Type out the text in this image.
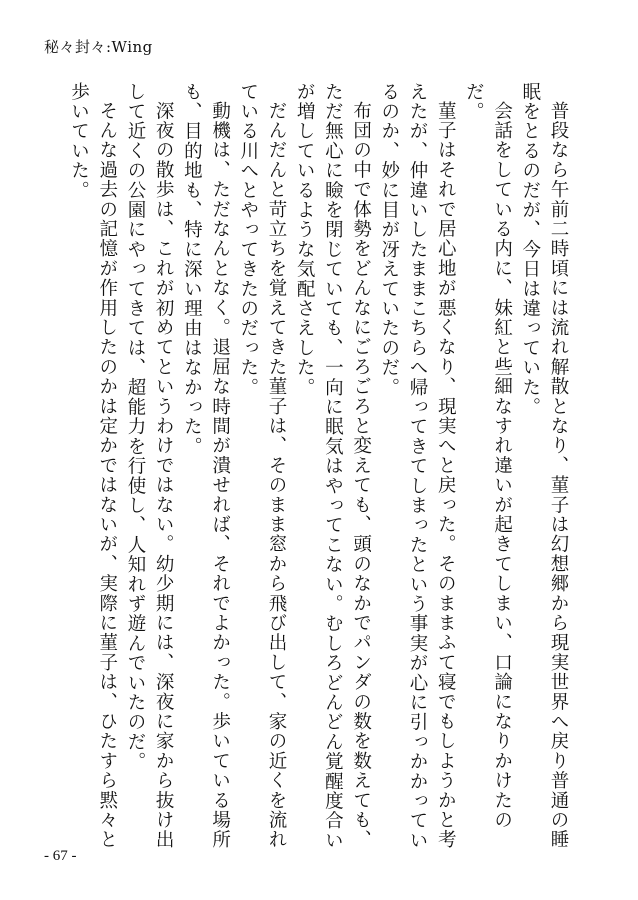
秘々封々:Wing

普段なら午前二時頃には流れ解散となり、菫子は幻想郷から現実世界へ戻り普通の睡眠をとるのだが、今日は違っていた。

会話をしている内に、妹紅と些細なすれ違いが起きてしまい、口論になりかけたのだ。

菫子はそれで居心地が悪くなり、現実へと戻った。そのままふて寝でもしようかと考えたが、仲違いしたままこちらへ帰ってきてしまったという事実が心に引っかかっているのか、妙に目が冴えていたのだ。

布団の中で体勢をどんなにごろごろと変えても、頭のなかでパンダの数を数えても、ただ無心に瞼を閉じていても、一向に眠気はやってこない。むしろどんどん覚醒度合いが増しているような気配さえした。

だんだんと苛立ちを覚えてきた菫子は、そのまま窓から飛び出して、家の近くを流れている川へとやってきたのだった。

動機は、ただなんとなく。退屈な時間が潰せれば、それでよかった。歩いている場所も、目的地も、特に深い理由はなかった。

深夜の散歩は、これが初めてというわけではない。幼少期には、深夜に家から抜け出して近くの公園にやってきては、超能力を行使し、人知れず遊んでいたのだ。

そんな過去の記憶が作用したのかは定かではないが、実際に菫子は、ひたすら黙々と歩いていた。

- 67 -
